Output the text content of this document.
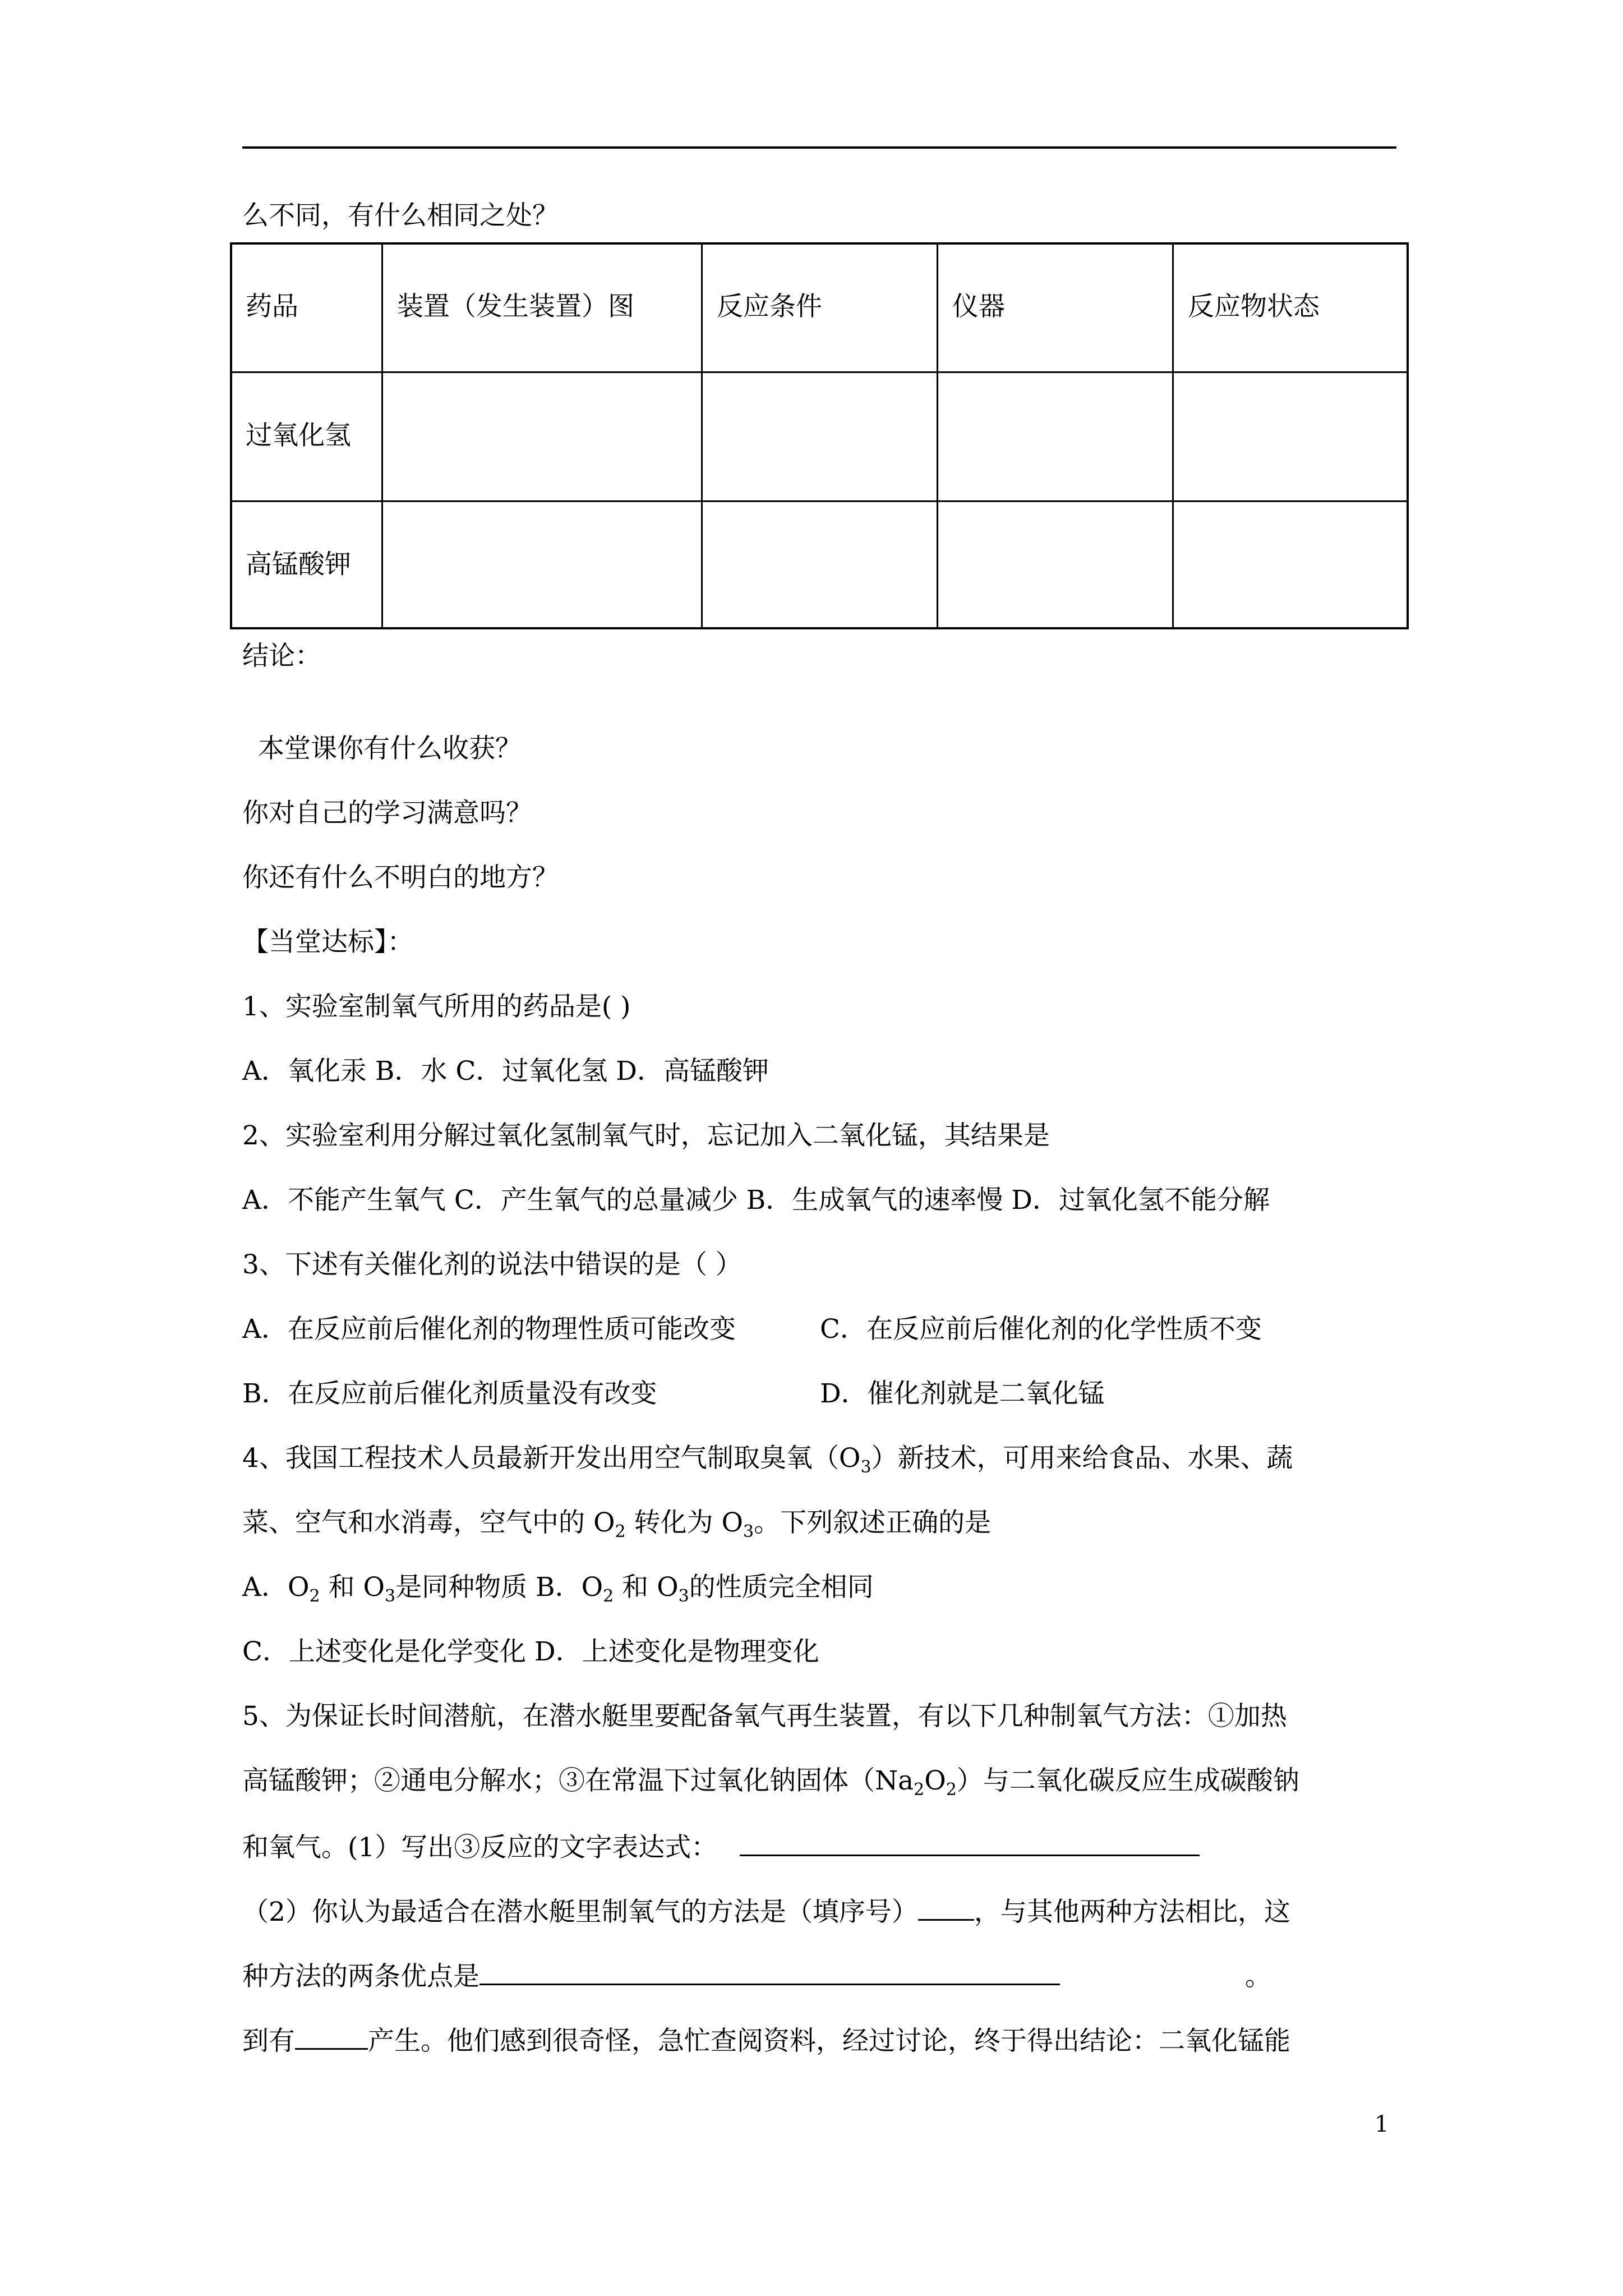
么不同，有什么相同之处？
药品	装置（发生装置）图	反应条件	仪器	反应物状态
过氧化氢
高锰酸钾
结论：
本堂课你有什么收获？
你对自己的学习满意吗？
你还有什么不明白的地方？
【当堂达标】：
1、实验室制氧气所用的药品是( )
A．氧化汞 B．水 C．过氧化氢 D．高锰酸钾
2、实验室利用分解过氧化氢制氧气时，忘记加入二氧化锰，其结果是
A．不能产生氧气 C．产生氧气的总量减少 B．生成氧气的速率慢 D．过氧化氢不能分解
3、下述有关催化剂的说法中错误的是（ ）
A．在反应前后催化剂的物理性质可能改变	C．在反应前后催化剂的化学性质不变
B．在反应前后催化剂质量没有改变	D．催化剂就是二氧化锰
4、我国工程技术人员最新开发出用空气制取臭氧$(O_3)$新技术，可用来给食品、水果、蔬
菜、空气和水消毒，空气中的 $O_2$ 转化为 $O_3$。下列叙述正确的是
A．$O_2$ 和 $O_3$是同种物质 B．$O_2$ 和 $O_3$的性质完全相同
C．上述变化是化学变化 D．上述变化是物理变化
5、为保证长时间潜航，在潜水艇里要配备氧气再生装置，有以下几种制氧气方法：①加热
高锰酸钾；②通电分解水；③在常温下过氧化钠固体$(Na_2O_2)$与二氧化碳反应生成碳酸钠
和氧气。(1）写出③反应的文字表达式：
（2）你认为最适合在潜水艇里制氧气的方法是（填序号） ，与其他两种方法相比，这
种方法的两条优点是	。
到有	产生。他们感到很奇怪，急忙查阅资料，经过讨论，终于得出结论：二氧化锰能
1
